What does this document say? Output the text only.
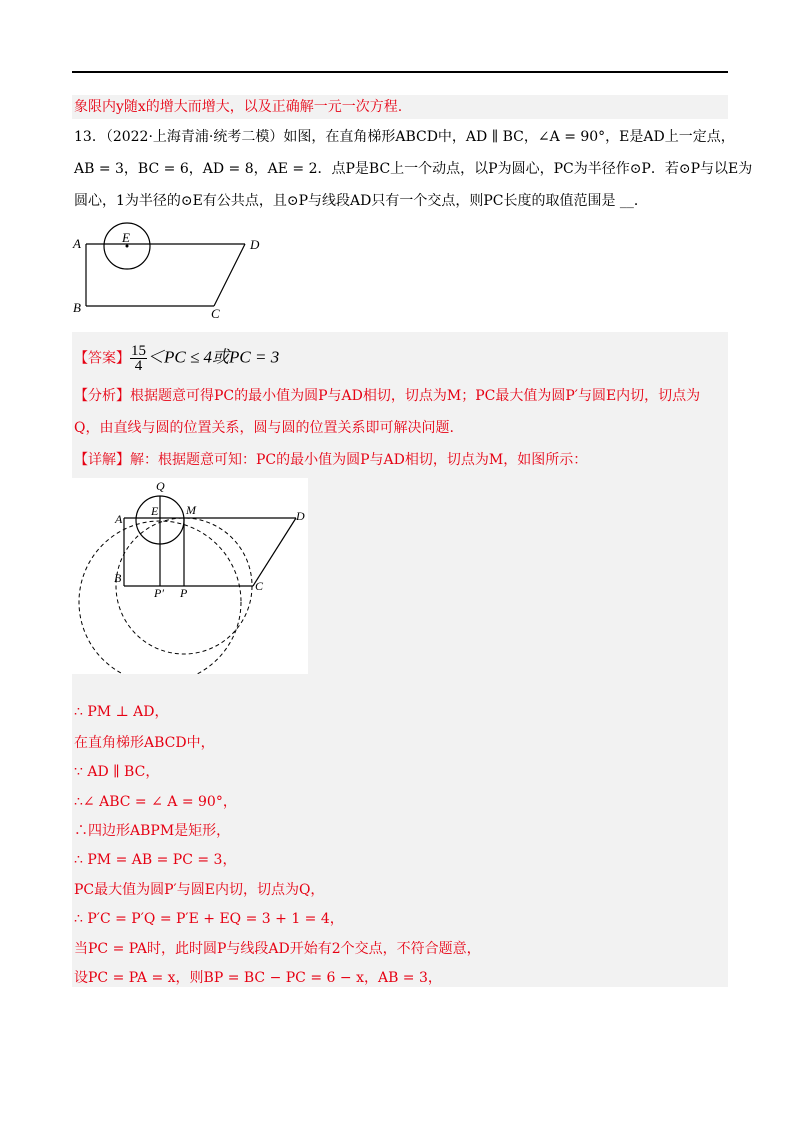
象限内y随x的增大而增大，以及正确解一元一次方程.
13．（2022·上海青浦·统考二模）如图，在直角梯形ABCD中，AD ∥ BC，∠A = 90°，E是AD上一定点，
AB = 3，BC = 6，AD = 8，AE = 2．点P是BC上一个动点，以P为圆心，PC为半径作⊙P．若⊙P与以E为
圆心，1为半径的⊙E有公共点，且⊙P与线段AD只有一个交点，则PC长度的取值范围是 __．
A	E	D
B	C
【答案】 $\frac{15}{4} <PC \le 4$或PC = 3
【分析】根据题意可得PC的最小值为圆P与AD相切，切点为M；PC最大值为圆P′与圆E内切，切点为
Q，由直线与圆的位置关系，圆与圆的位置关系即可解决问题.
【详解】解：根据题意可知：PC的最小值为圆P与AD相切，切点为M，如图所示：
Q
A
E M	D
B
P′ P	C
∴ PM ⊥ AD，
在直角梯形ABCD中，
∵ AD ∥ BC，
∴∠ ABC = ∠ A = 90°，
∴四边形ABPM是矩形，
∴ PM = AB = PC = 3，
PC最大值为圆P′与圆E内切，切点为Q，
∴ P′C = P′Q = P′E + EQ = 3 + 1 = 4，
当PC = PA时，此时圆P与线段AD开始有2个交点，不符合题意，
设PC = PA = x，则BP = BC − PC = 6 − x，AB = 3，
